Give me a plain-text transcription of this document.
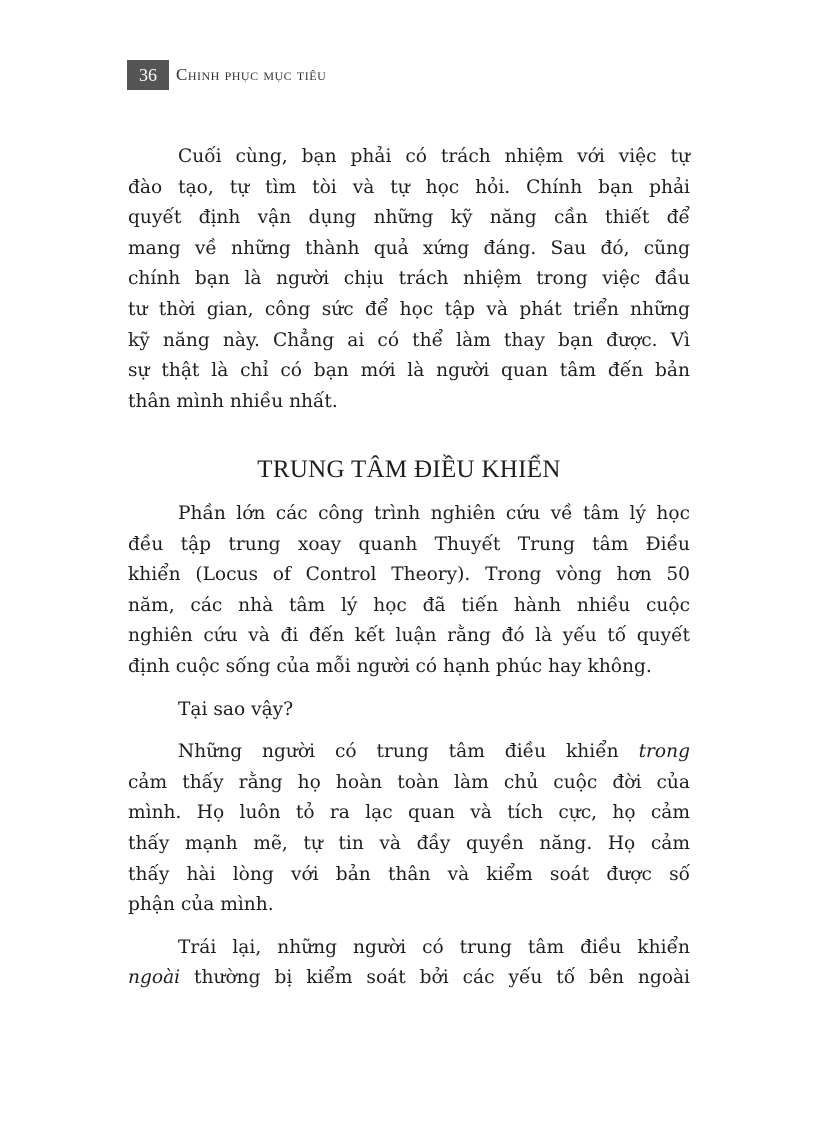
36	Chinh phục mục tiêu

Cuối cùng, bạn phải có trách nhiệm với việc tự
đào tạo, tự tìm tòi và tự học hỏi. Chính bạn phải
quyết định vận dụng những kỹ năng cần thiết để
mang về những thành quả xứng đáng. Sau đó, cũng
chính bạn là người chịu trách nhiệm trong việc đầu
tư thời gian, công sức để học tập và phát triển những
kỹ năng này. Chẳng ai có thể làm thay bạn được. Vì
sự thật là chỉ có bạn mới là người quan tâm đến bản
thân mình nhiều nhất.

TRUNG TÂM ĐIỀU KHIỂN

Phần lớn các công trình nghiên cứu về tâm lý học
đều tập trung xoay quanh Thuyết Trung tâm Điều
khiển (Locus of Control Theory). Trong vòng hơn 50
năm, các nhà tâm lý học đã tiến hành nhiều cuộc
nghiên cứu và đi đến kết luận rằng đó là yếu tố quyết
định cuộc sống của mỗi người có hạnh phúc hay không.

Tại sao vậy?

Những người có trung tâm điều khiển trong
cảm thấy rằng họ hoàn toàn làm chủ cuộc đời của
mình. Họ luôn tỏ ra lạc quan và tích cực, họ cảm
thấy mạnh mẽ, tự tin và đầy quyền năng. Họ cảm
thấy hài lòng với bản thân và kiểm soát được số
phận của mình.

Trái lại, những người có trung tâm điều khiển
ngoài thường bị kiểm soát bởi các yếu tố bên ngoài
